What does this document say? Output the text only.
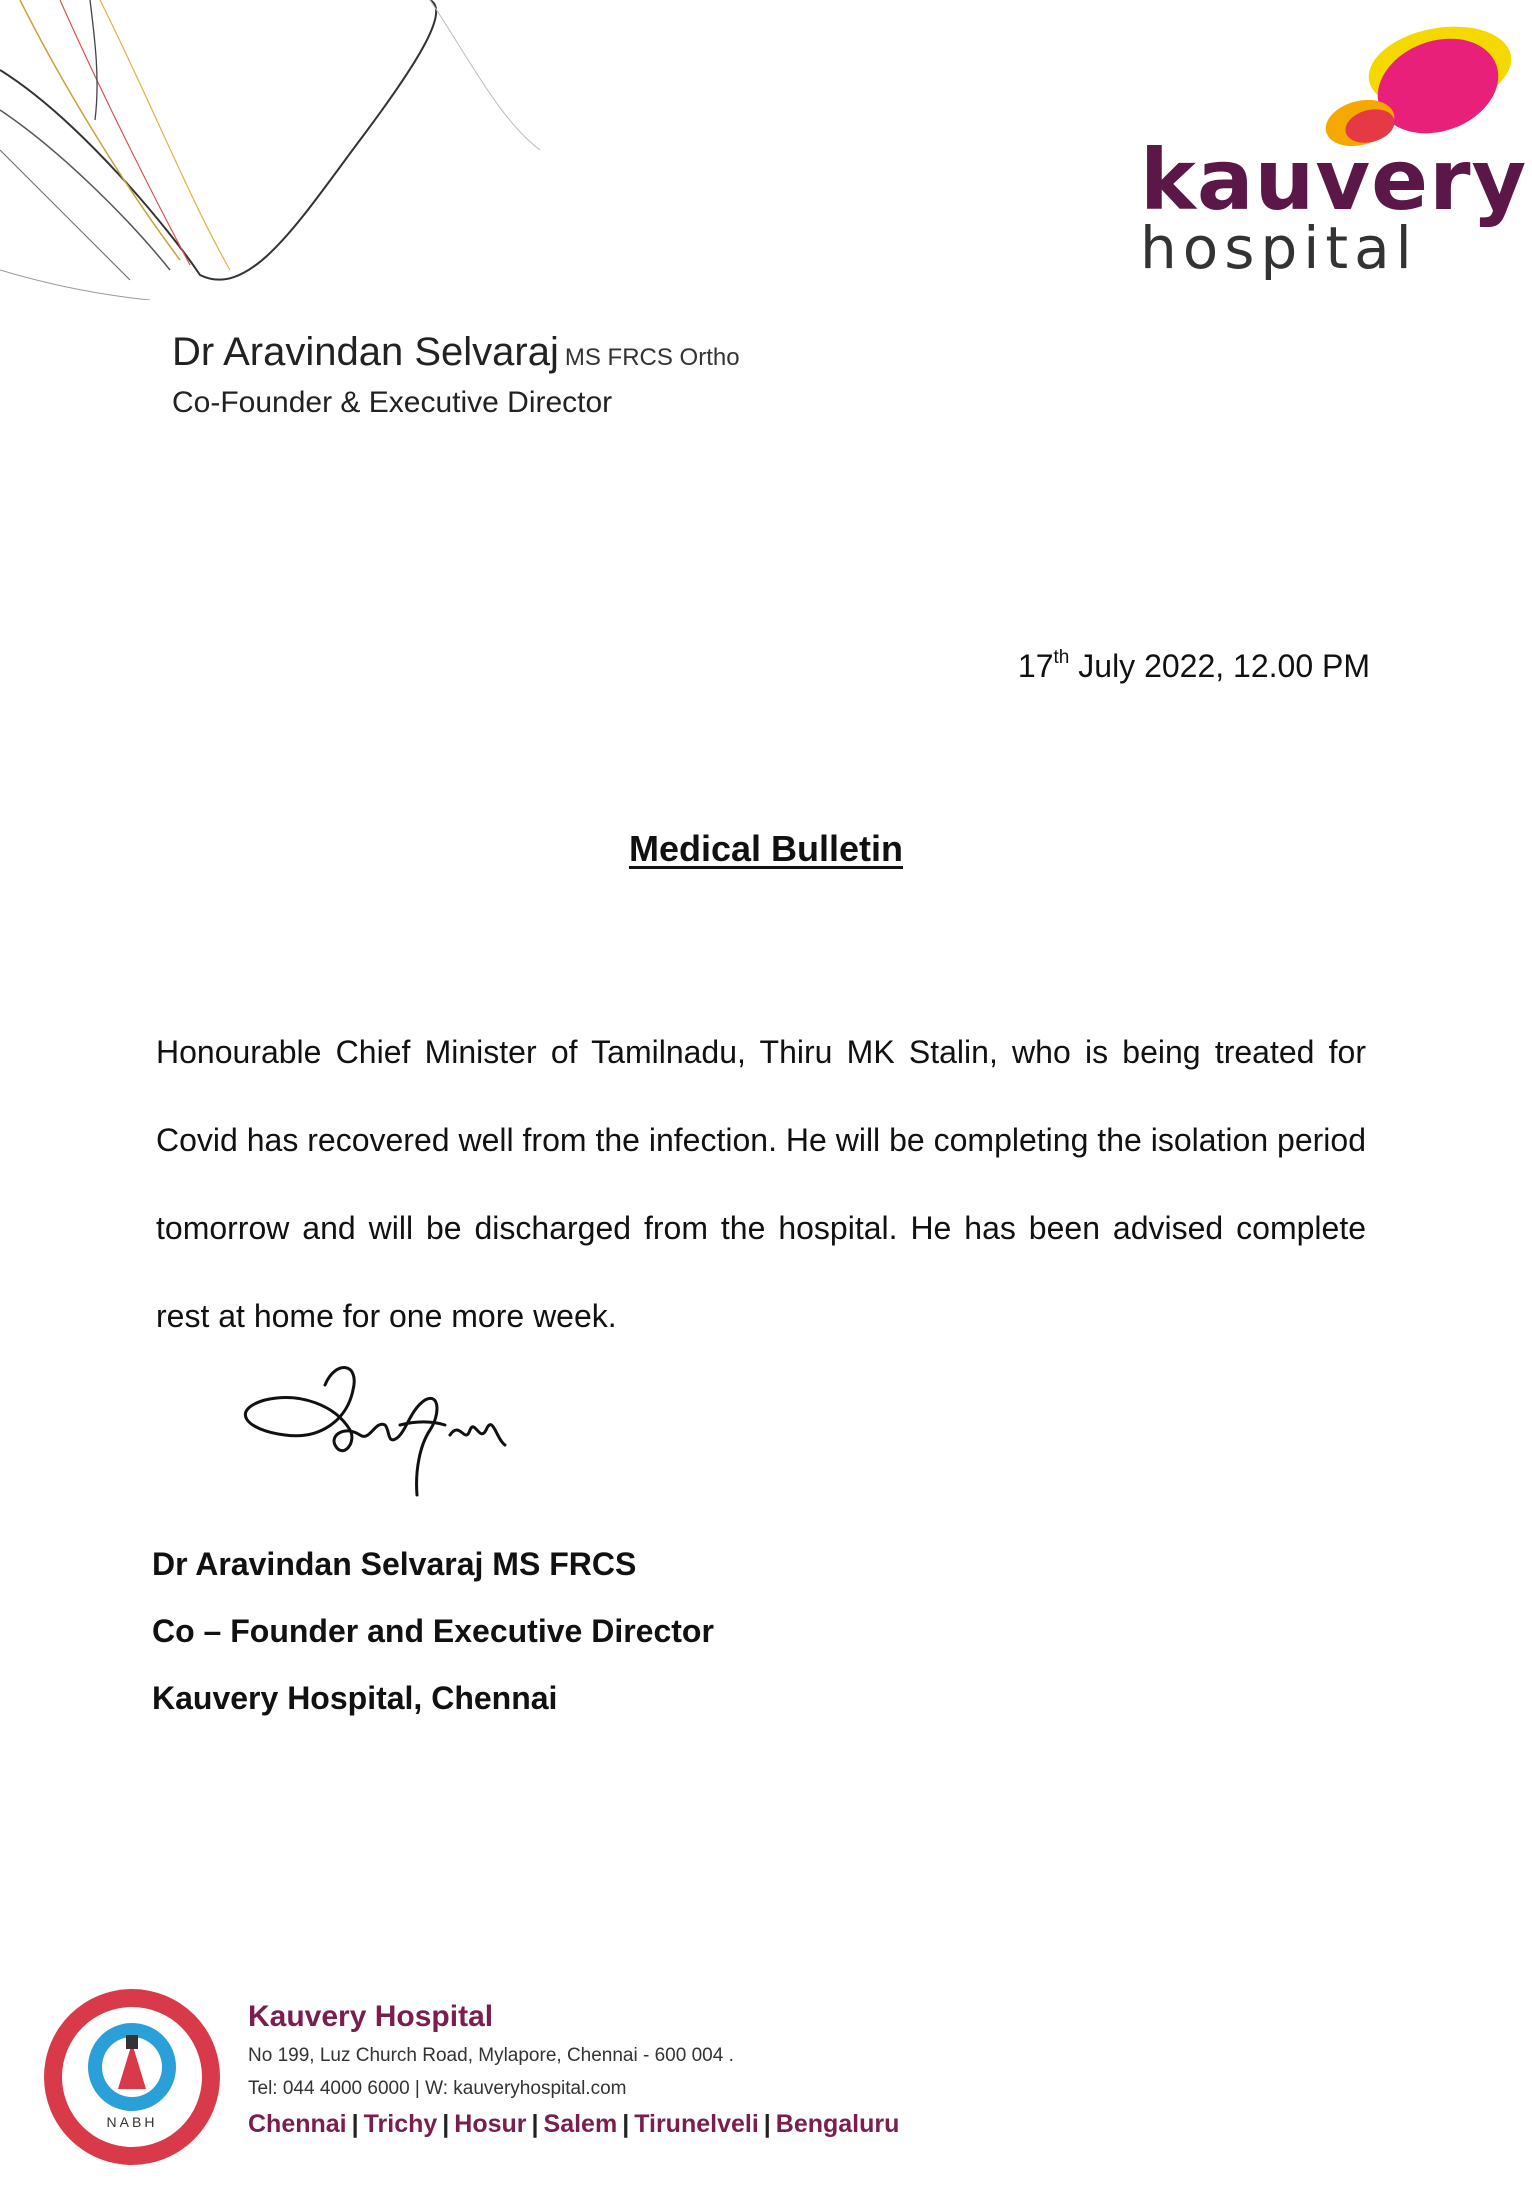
kauvery
hospital
Dr Aravindan Selvaraj MS FRCS Ortho
Co-Founder & Executive Director
17th July 2022, 12.00 PM
Medical Bulletin
Honourable Chief Minister of Tamilnadu, Thiru MK Stalin, who is being treated for Covid has recovered well from the infection. He will be completing the isolation period tomorrow and will be discharged from the hospital. He has been advised complete rest at home for one more week.
Dr Aravindan Selvaraj MS FRCS
Co – Founder and Executive Director
Kauvery Hospital, Chennai
NABH
Kauvery Hospital
No 199, Luz Church Road, Mylapore, Chennai - 600 004 .
Tel: 044 4000 6000 | W: kauveryhospital.com
Chennai | Trichy | Hosur | Salem | Tirunelveli | Bengaluru
